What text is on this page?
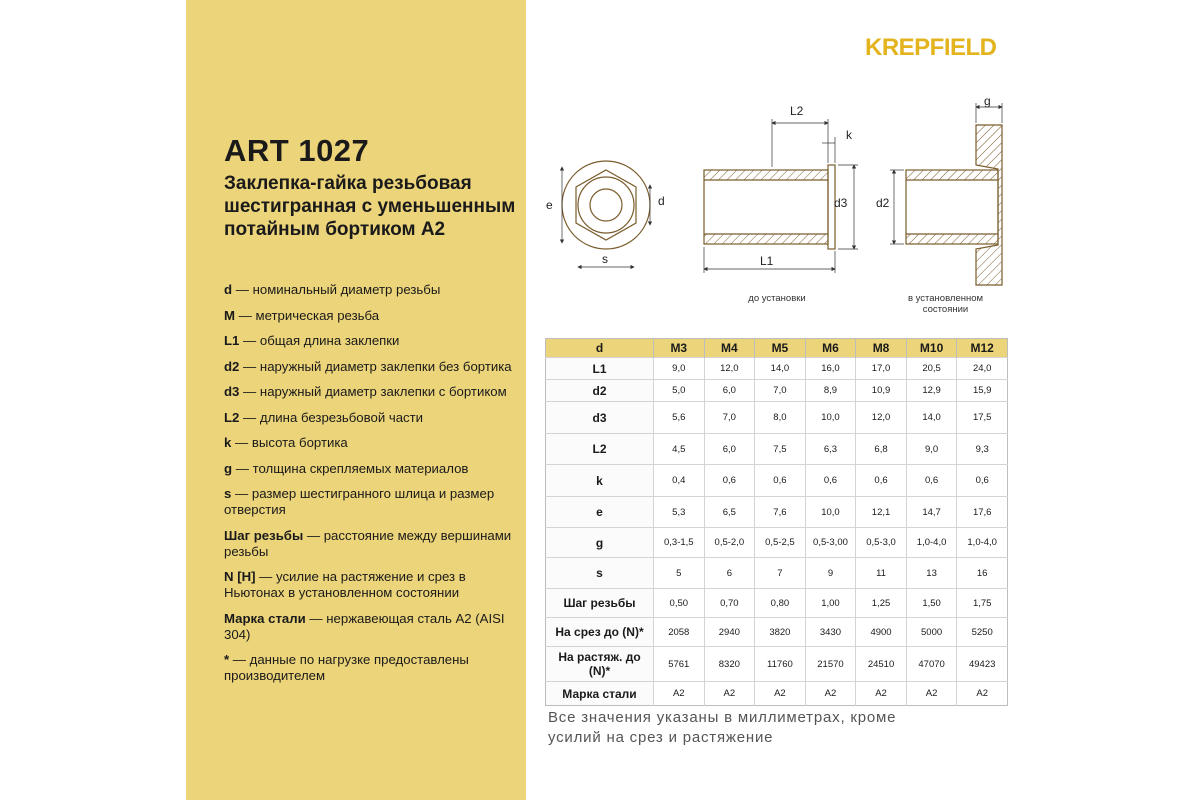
ART 1027

Заклепка-гайка резьбовая шестигранная с уменьшенным потайным бортиком А2

d — номинальный диаметр резьбы
M — метрическая резьба
L1 — общая длина заклепки
d2 — наружный диаметр заклепки без бортика
d3 — наружный диаметр заклепки с бортиком
L2 — длина безрезьбовой части
k — высота бортика
g — толщина скрепляемых материалов
s — размер шестигранного шлица и размер отверстия
Шаг резьбы — расстояние между вершинами резьбы
N [H] — усилие на растяжение и срез в Ньютонах в установленном состоянии
Марка стали — нержавеющая сталь А2 (AISI 304)
* — данные по нагрузке предоставлены производителем
KREPFIELD
e	d
s
L2
k
d3
L1
g
d2
до установки	в установленном состоянии
d	M3	M4	M5	M6	M8	M10	M12
L1	9,0	12,0	14,0	16,0	17,0	20,5	24,0
d2	5,0	6,0	7,0	8,9	10,9	12,9	15,9
d3	5,6	7,0	8,0	10,0	12,0	14,0	17,5
L2	4,5	6,0	7,5	6,3	6,8	9,0	9,3
k	0,4	0,6	0,6	0,6	0,6	0,6	0,6
e	5,3	6,5	7,6	10,0	12,1	14,7	17,6
g	0,3-1,5	0,5-2,0	0,5-2,5	0,5-3,00	0,5-3,0	1,0-4,0	1,0-4,0
s	5	6	7	9	11	13	16
Шаг резьбы	0,50	0,70	0,80	1,00	1,25	1,50	1,75
На срез до (N)*	2058	2940	3820	3430	4900	5000	5250
На растяж. до (N)*	5761	8320	11760	21570	24510	47070	49423
Марка стали	A2	A2	A2	A2	A2	A2	A2

Все значения указаны в миллиметрах, кроме усилий на срез и растяжение
